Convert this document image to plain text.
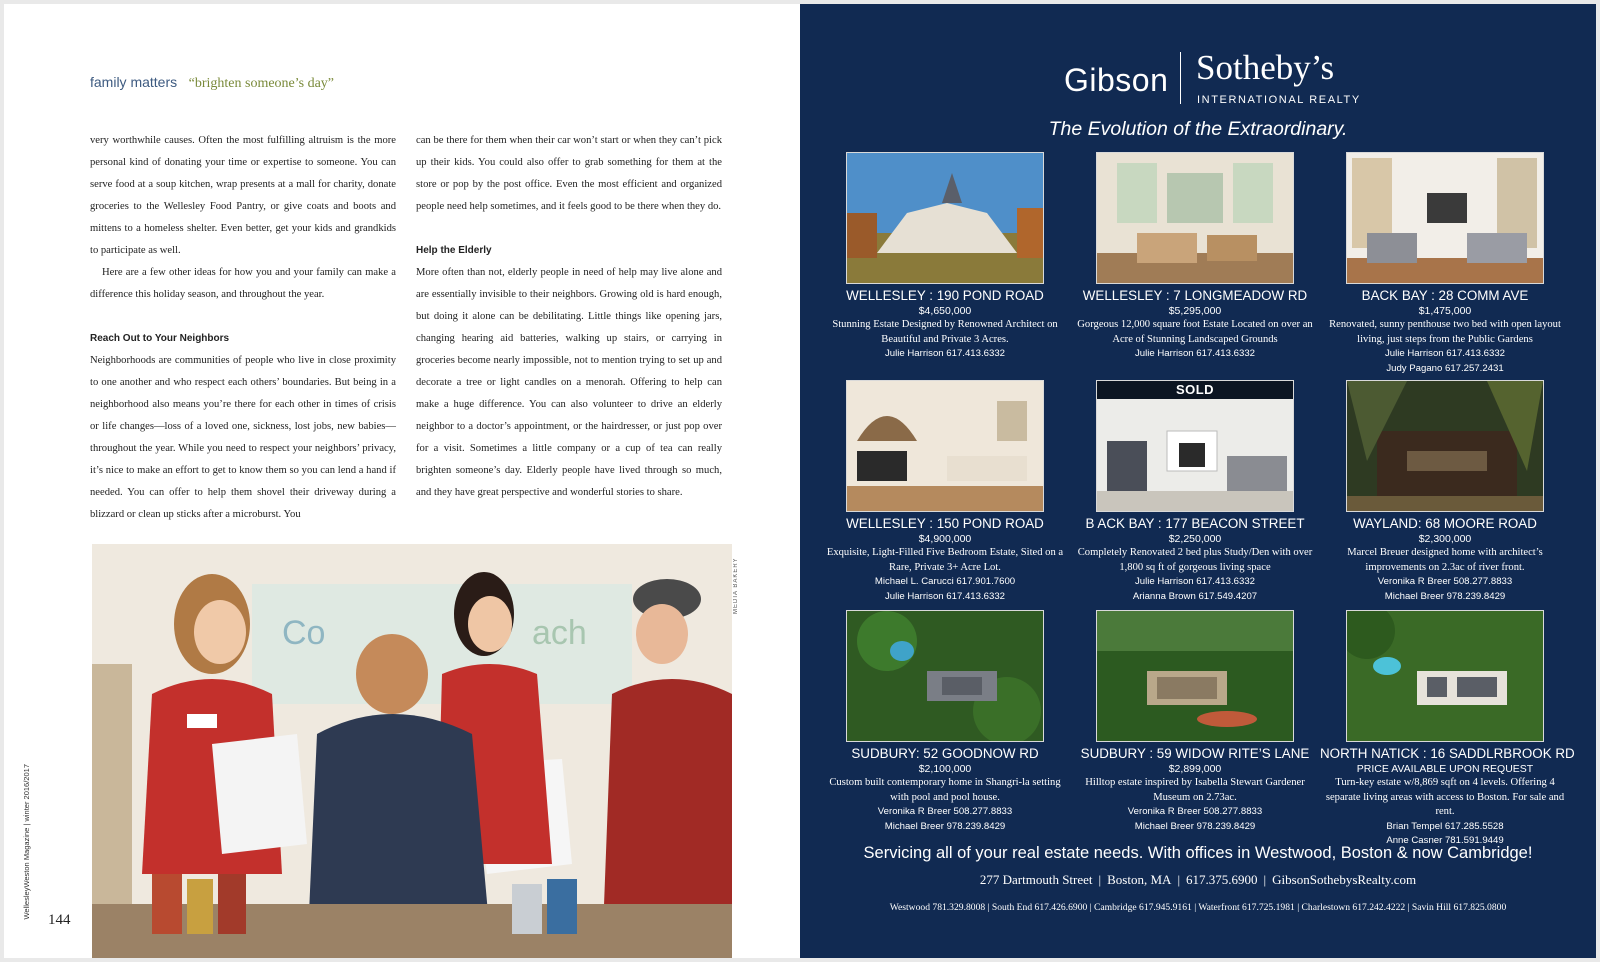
family matters “brighten someone’s day”

very worthwhile causes. Often the most fulfilling altruism is the more personal kind of donating your time or expertise to someone. You can serve food at a soup kitchen, wrap presents at a mall for charity, donate groceries to the Wellesley Food Pantry, or give coats and boots and mittens to a homeless shelter. Even better, get your kids and grandkids to participate as well.

Here are a few other ideas for how you and your family can make a difference this holiday season, and throughout the year.

Reach Out to Your Neighbors

Neighborhoods are communities of people who live in close proximity to one another and who respect each others’ boundaries. But being in a neighborhood also means you’re there for each other in times of crisis or life changes—loss of a loved one, sickness, lost jobs, new babies—throughout the year. While you need to respect your neighbors’ privacy, it’s nice to make an effort to get to know them so you can lend a hand if needed. You can offer to help them shovel their driveway during a blizzard or clean up sticks after a microburst. You

can be there for them when their car won’t start or when they can’t pick up their kids. You could also offer to grab something for them at the store or pop by the post office. Even the most efficient and organized people need help sometimes, and it feels good to be there when they do.

Help the Elderly

More often than not, elderly people in need of help may live alone and are essentially invisible to their neighbors. Growing old is hard enough, but doing it alone can be debilitating. Little things like opening jars, changing hearing aid batteries, walking up stairs, or carrying in groceries become nearly impossible, not to mention trying to set up and decorate a tree or light candles on a menorah. Offering to help can make a huge difference. You can also volunteer to drive an elderly neighbor to a doctor’s appointment, or the hairdresser, or just pop over for a visit. Sometimes a little company or a cup of tea can really brighten someone’s day. Elderly people have lived through so much, and they have great perspective and wonderful stories to share.

Co	ach
MEDIA BAKERY
WellesleyWeston Magazine | winter 2016/2017
144
Gibson Sotheby’s
INTERNATIONAL REALTY
The Evolution of the Extraordinary.
WELLESLEY : 190 POND ROAD
$4,650,000
Stunning Estate Designed by Renowned Architect on Beautiful and Private 3 Acres.
Julie Harrison 617.413.6332
WELLESLEY : 7 LONGMEADOW RD
$5,295,000
Gorgeous 12,000 square foot Estate Located on over an Acre of Stunning Landscaped Grounds
Julie Harrison 617.413.6332
BACK BAY : 28 COMM AVE
$1,475,000
Renovated, sunny penthouse two bed with open layout living, just steps from the Public Gardens
Julie Harrison 617.413.6332
Judy Pagano 617.257.2431
WELLESLEY : 150 POND ROAD
$4,900,000
Exquisite, Light-Filled Five Bedroom Estate, Sited on a Rare, Private 3+ Acre Lot.
Michael L. Carucci 617.901.7600
Julie Harrison 617.413.6332
SOLD
B ACK BAY : 177 BEACON STREET
$2,250,000
Completely Renovated 2 bed plus Study/Den with over 1,800 sq ft of gorgeous living space
Julie Harrison 617.413.6332
Arianna Brown 617.549.4207
WAYLAND: 68 MOORE ROAD
$2,300,000
Marcel Breuer designed home with architect’s improvements on 2.3ac of river front.
Veronika R Breer 508.277.8833
Michael Breer 978.239.8429
SUDBURY: 52 GOODNOW RD
$2,100,000
Custom built contemporary home in Shangri-la setting with pool and pool house.
Veronika R Breer 508.277.8833
Michael Breer 978.239.8429
SUDBURY : 59 WIDOW RITE’S LANE
$2,899,000
Hilltop estate inspired by Isabella Stewart Gardener Museum on 2.73ac.
Veronika R Breer 508.277.8833
Michael Breer 978.239.8429
NORTH NATICK : 16 SADDLRBROOK RD
PRICE AVAILABLE UPON REQUEST
Turn-key estate w/8,869 sqft on 4 levels. Offering 4 separate living areas with access to Boston. For sale and rent.
Brian Tempel 617.285.5528
Anne Casner 781.591.9449
Servicing all of your real estate needs. With offices in Westwood, Boston & now Cambridge!
277 Dartmouth Street | Boston, MA | 617.375.6900 | GibsonSothebysRealty.com
Westwood 781.329.8008 | South End 617.426.6900 | Cambridge 617.945.9161 | Waterfront 617.725.1981 | Charlestown 617.242.4222 | Savin Hill 617.825.0800
